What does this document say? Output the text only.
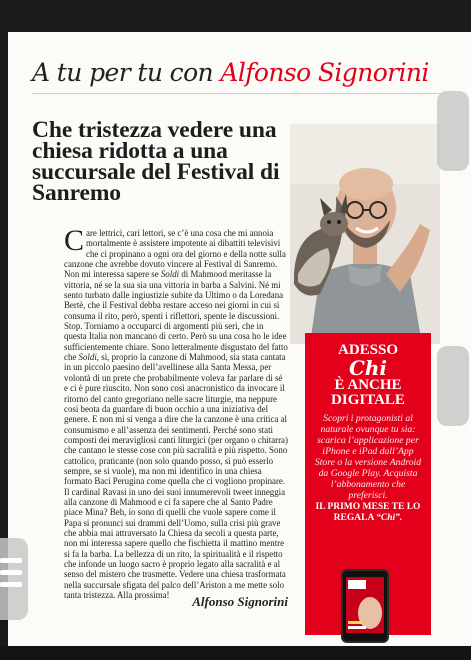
A tu per tu con Alfonso Signorini
Che tristezza vedere una chiesa ridotta a una succursale del Festival di Sanremo
C are lettrici, cari lettori, se c’è una cosa che mi annoia mortalmente è assistere impotente ai dibattiti televisivi che ci propinano a ogni ora del giorno e della notte sulla canzone che avrebbe dovuto vincere al Festival di Sanremo. Non mi interessa sapere se Soldi di Mahmood meritasse la vittoria, né se la sua sia una vittoria in barba a Salvini. Né mi sento turbato dalle ingiustizie subite da Ultimo o da Loredana Bertè, che il Festival debba restare acceso nei giorni in cui si consuma il rito, però, spenti i riflettori, spente le discussioni. Stop. Torniamo a occuparci di argomenti più seri, che in questa Italia non mancano di certo. Però su una cosa ho le idee sufficientemente chiare. Sono letteralmente disgustato del fatto che Soldi, sì, proprio la canzone di Mahmood, sia stata cantata in un piccolo paesino dell’avellinese alla Santa Messa, per volontà di un prete che probabilmente voleva far parlare di sé e ci è pure riuscito. Non sono così anacronistico da invocare il ritorno del canto gregoriano nelle sacre liturgie, ma neppure così beota da guardare di buon occhio a una iniziativa del genere. E non mi si venga a dire che la canzone è una critica al consumismo e all’assenza dei sentimenti. Perché sono stati composti dei meravigliosi canti liturgici (per organo o chitarra) che cantano le stesse cose con più sacralità e più rispetto. Sono cattolico, praticante (non solo quando posso, si può esserlo sempre, se si vuole), ma non mi identifico in una chiesa formato Baci Perugina come quella che ci vogliono propinare. Il cardinal Ravasi in uno dei suoi innumerevoli tweet inneggia alla canzone di Mahmood e ci fa sapere che al Santo Padre piace Mina? Beh, io sono di quelli che vuole sapere come il Papa si pronunci sui drammi dell’Uomo, sulla crisi più grave che abbia mai attraversato la Chiesa da secoli a questa parte, non mi interessa sapere quello che fischietta il mattino mentre si fa la barba. La bellezza di un rito, la spiritualità e il rispetto che infonde un luogo sacro è proprio legato alla sacralità e al senso del mistero che trasmette. Vedere una chiesa trasformata nella succursale sfigata del palco dell’Ariston a me mette solo tanta tristezza. Alla prossima!	Alfonso Signorini
ADESSO
Chi
È ANCHE DIGITALE
Scopri i protagonisti al naturale ovunque tu sia: scarica l’applicazione per iPhone e iPad dall’App Store o la versione Android da Google Play. Acquista l’abbonamento che preferisci.
IL PRIMO MESE TE LO REGALA “Chi”.
